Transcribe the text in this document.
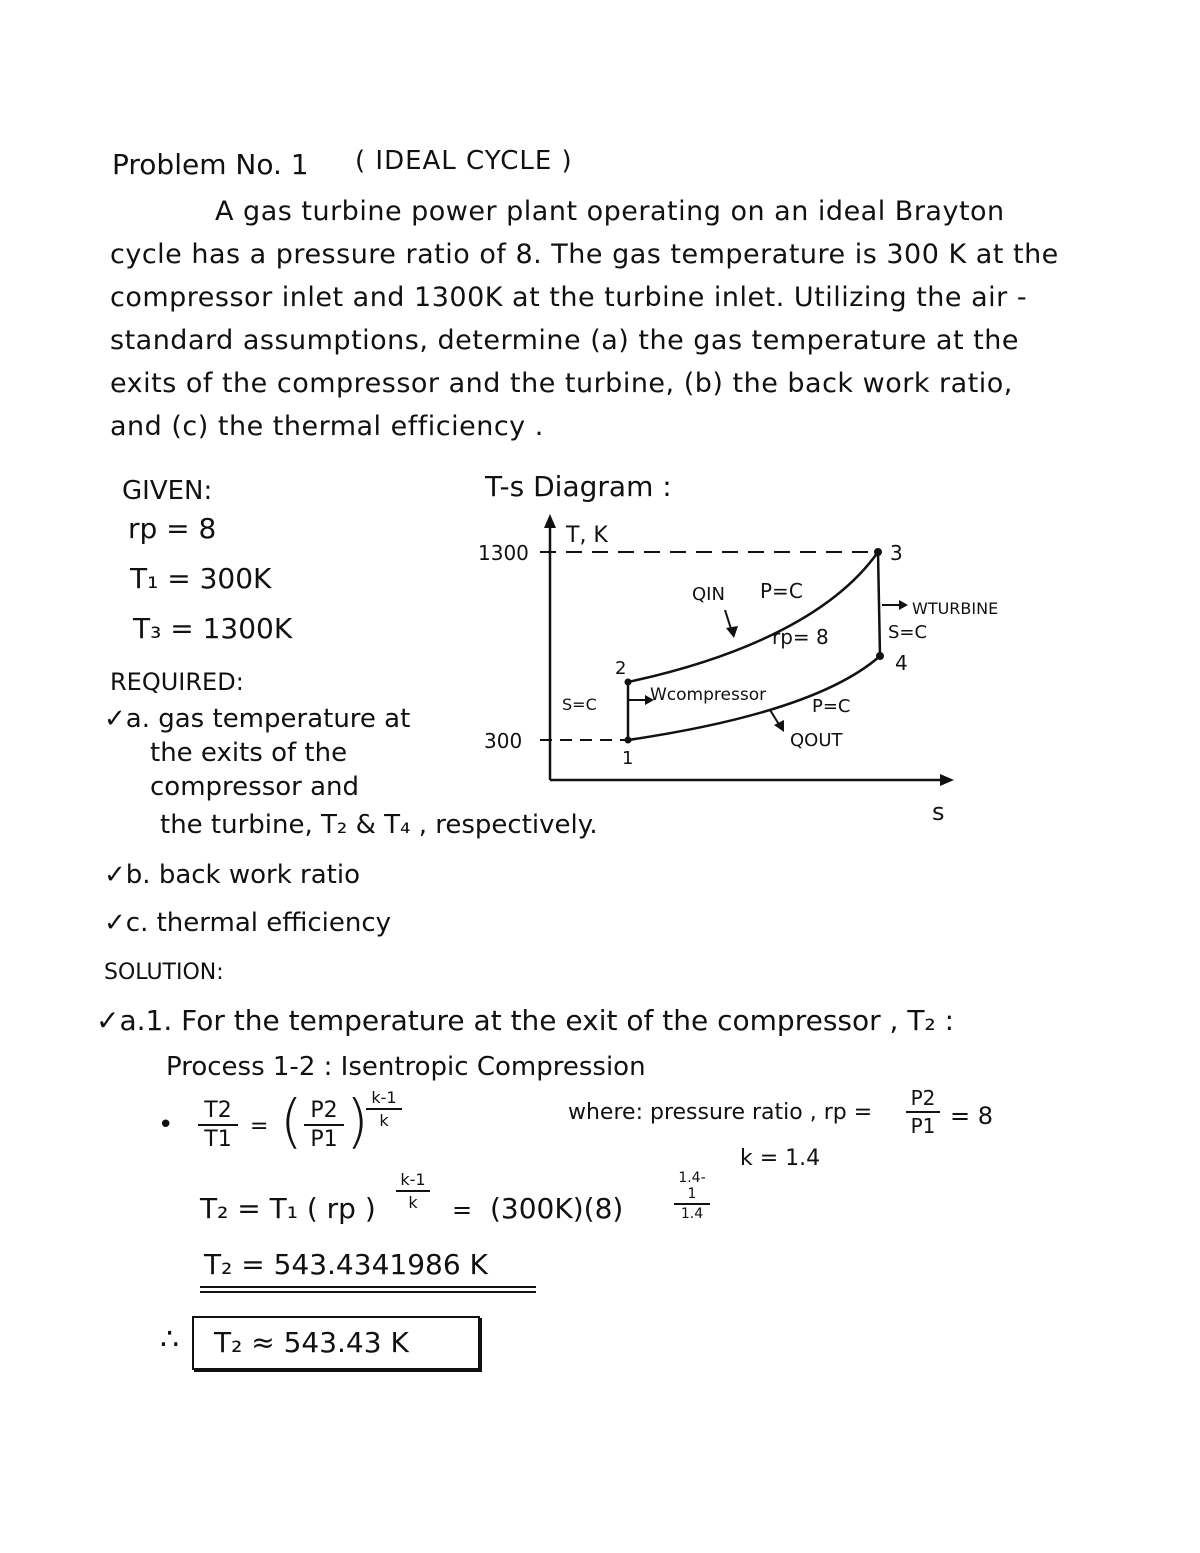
Problem No. 1 ( IDEAL CYCLE )
A gas turbine power plant operating on an ideal Brayton cycle has a pressure ratio of 8. The gas temperature is 300 K at the compressor inlet and 1300K at the turbine inlet. Utilizing the air - standard assumptions, determine (a) the gas temperature at the exits of the compressor and the turbine, (b) the back work ratio, and (c) the thermal efficiency .
GIVEN:
rp = 8
T₁ = 300K
T₃ = 1300K
REQUIRED:
✓a. gas temperature at
the exits of the
compressor and
the turbine, T₂ & T₄ , respectively.
✓b. back work ratio
✓c. thermal efficiency
T-s Diagram :
T, K
s
1300
300
1
2
3
4
QIN P=C
rp= 8
S=C	Wcompressor
P=C
QOUT
WTURBINE
S=C
SOLUTION:
✓a.1. For the temperature at the exit of the compressor , T₂ :
Process 1-2 : Isentropic Compression
• T2
T1
= ( P2
P1 ) k-1
k	where: pressure ratio , rp =
P2
P1 = 8
k = 1.4
T₂ = T₁ ( rp )
k-1
k	= (300K)(8)
1.4-1
1.4
T₂ = 543.4341986 K
∴ T₂ ≈ 543.43 K
